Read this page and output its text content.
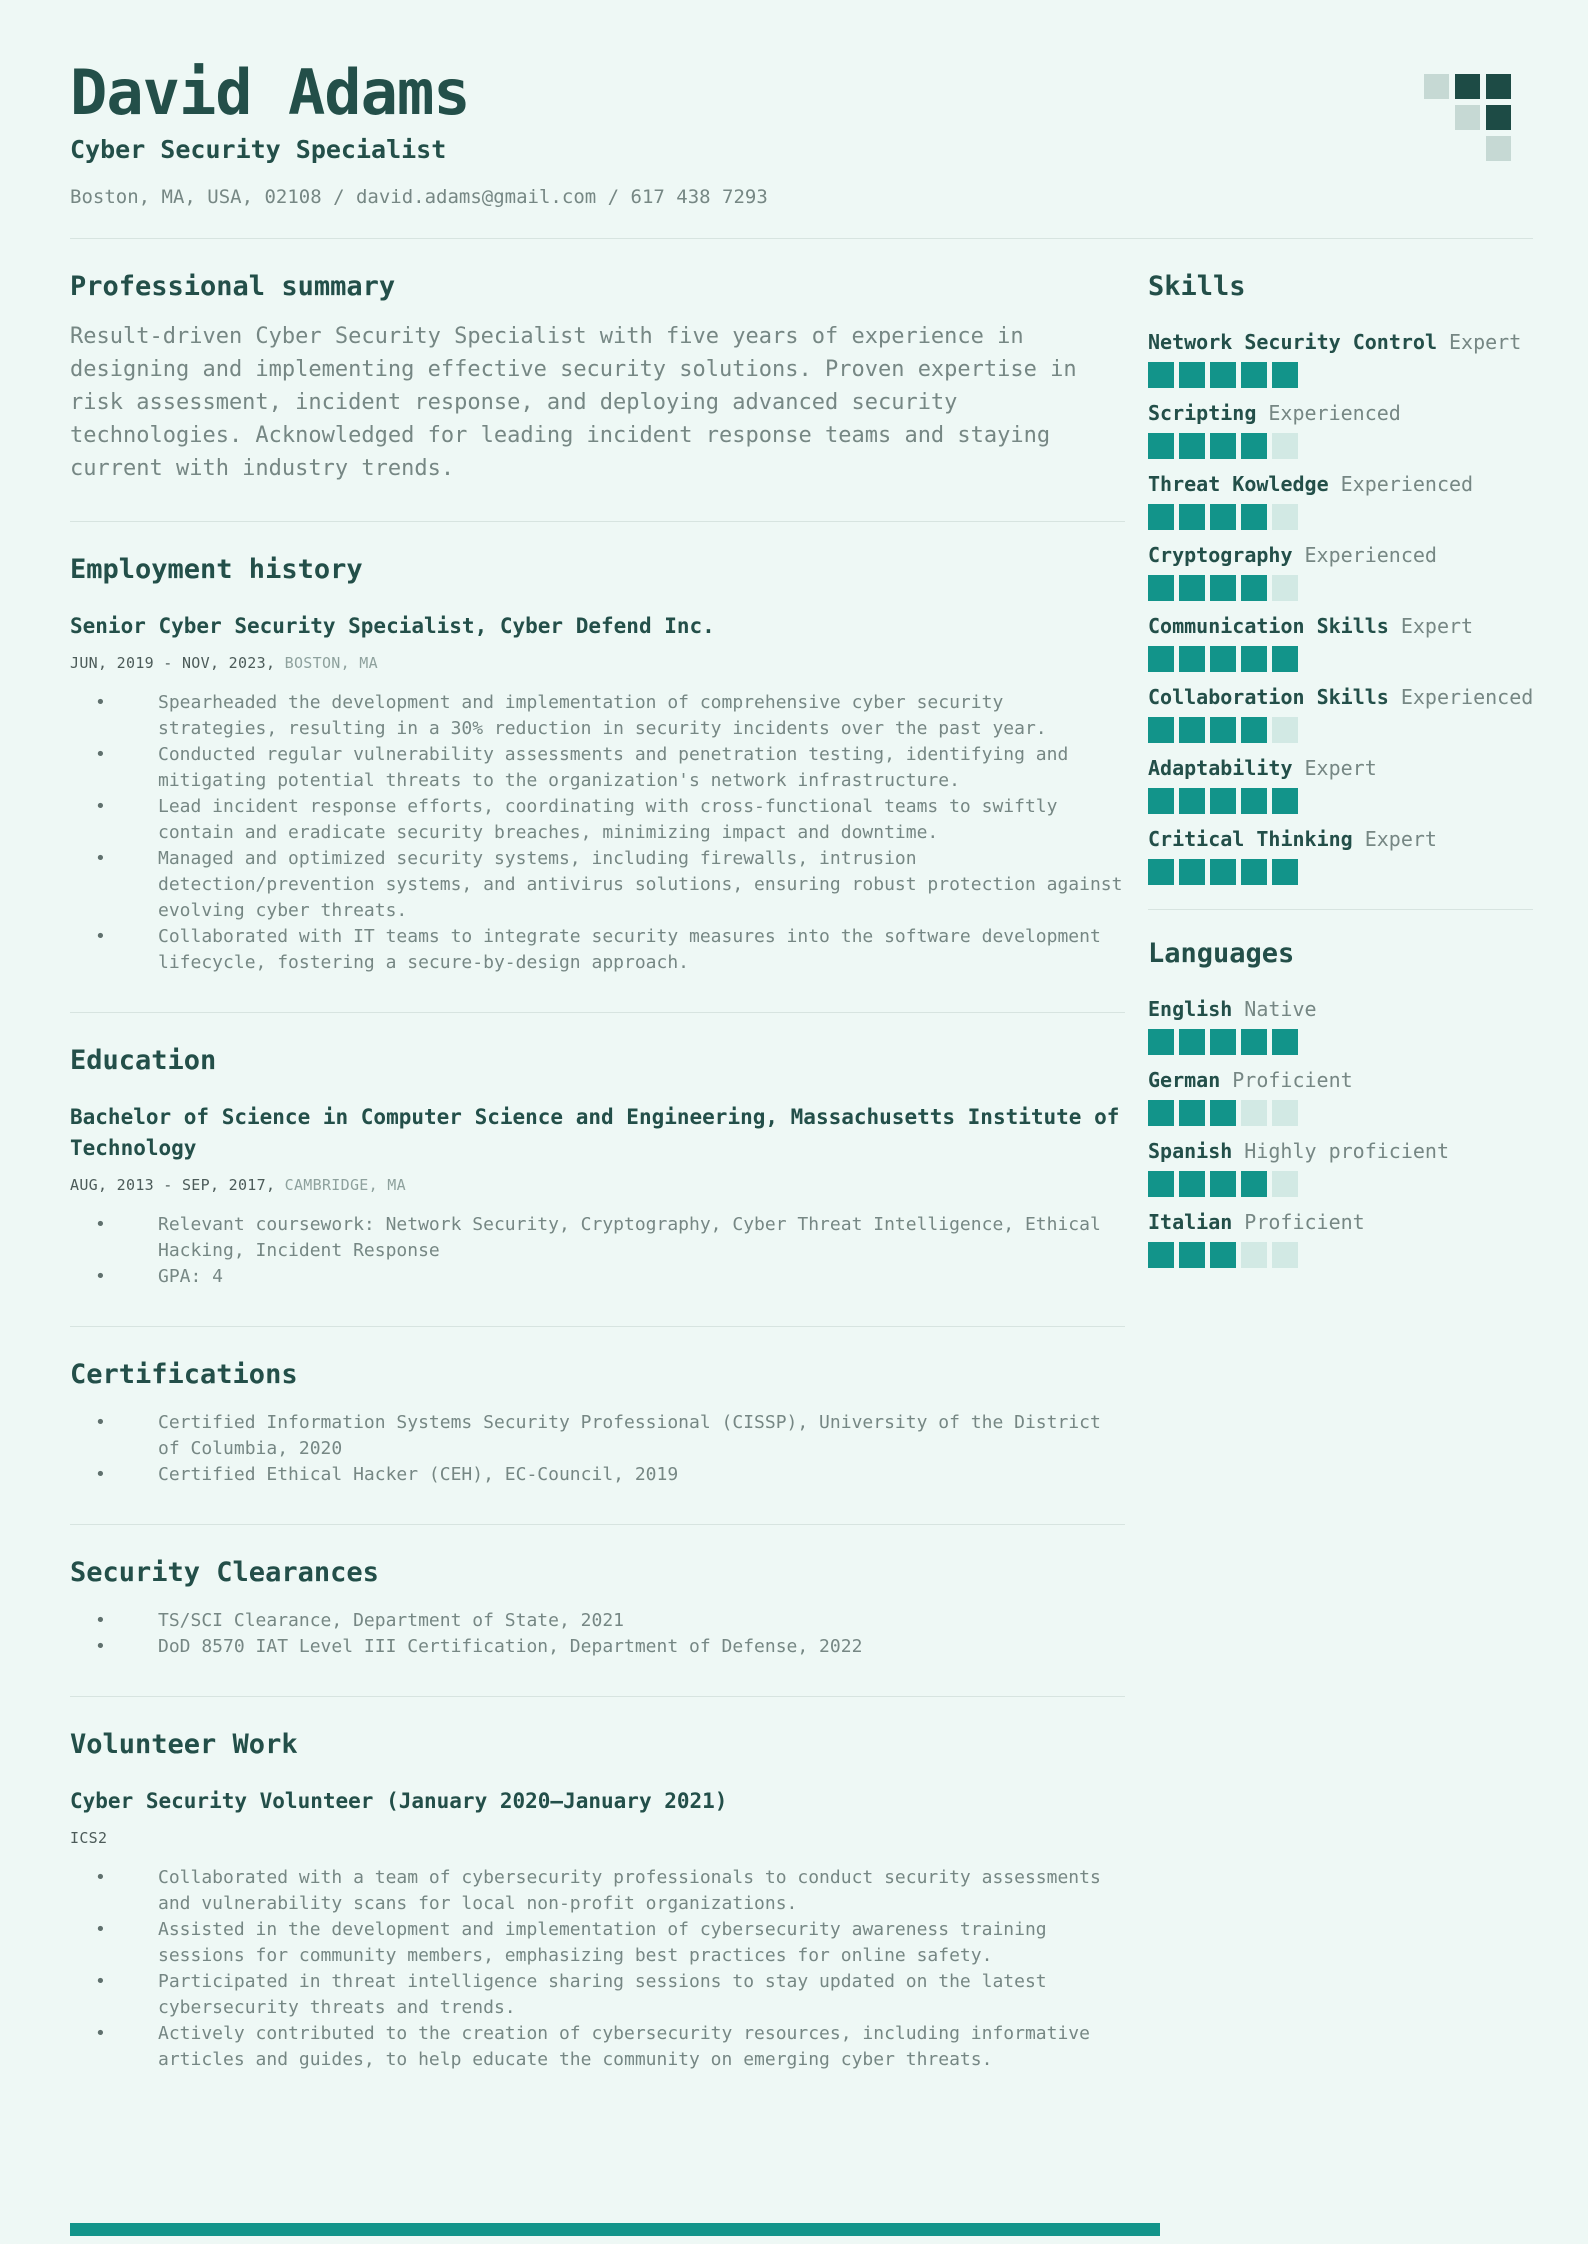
David Adams
Cyber Security Specialist
Boston, MA, USA, 02108 / david.adams@gmail.com / 617 438 7293
Professional summary

Result-driven Cyber Security Specialist with five years of experience in designing and implementing effective security solutions. Proven expertise in risk assessment, incident response, and deploying advanced security technologies. Acknowledged for leading incident response teams and staying current with industry trends.

Employment history
Senior Cyber Security Specialist, Cyber Defend Inc.
JUN, 2019 - NOV, 2023, BOSTON, MA
• Spearheaded the development and implementation of comprehensive cyber security strategies, resulting in a 30% reduction in security incidents over the past year.
• Conducted regular vulnerability assessments and penetration testing, identifying and mitigating potential threats to the organization's network infrastructure.
• Lead incident response efforts, coordinating with cross-functional teams to swiftly contain and eradicate security breaches, minimizing impact and downtime.
• Managed and optimized security systems, including firewalls, intrusion detection/prevention systems, and antivirus solutions, ensuring robust protection against evolving cyber threats.
• Collaborated with IT teams to integrate security measures into the software development lifecycle, fostering a secure-by-design approach.
Education
Bachelor of Science in Computer Science and Engineering, Massachusetts Institute of Technology
AUG, 2013 - SEP, 2017, CAMBRIDGE, MA
• Relevant coursework: Network Security, Cryptography, Cyber Threat Intelligence, Ethical Hacking, Incident Response
• GPA: 4
Certifications
• Certified Information Systems Security Professional (CISSP), University of the District of Columbia, 2020
• Certified Ethical Hacker (CEH), EC-Council, 2019
Security Clearances
• TS/SCI Clearance, Department of State, 2021
• DoD 8570 IAT Level III Certification, Department of Defense, 2022
Volunteer Work
Cyber Security Volunteer (January 2020–January 2021)
ICS2
• Collaborated with a team of cybersecurity professionals to conduct security assessments and vulnerability scans for local non-profit organizations.
• Assisted in the development and implementation of cybersecurity awareness training sessions for community members, emphasizing best practices for online safety.
• Participated in threat intelligence sharing sessions to stay updated on the latest cybersecurity threats and trends.
• Actively contributed to the creation of cybersecurity resources, including informative articles and guides, to help educate the community on emerging cyber threats.
Skills
Network Security Control Expert
Scripting Experienced
Threat Kowledge Experienced
Cryptography Experienced
Communication Skills Expert
Collaboration Skills Experienced
Adaptability Expert
Critical Thinking Expert
Languages
English Native
German Proficient
Spanish Highly proficient
Italian Proficient
